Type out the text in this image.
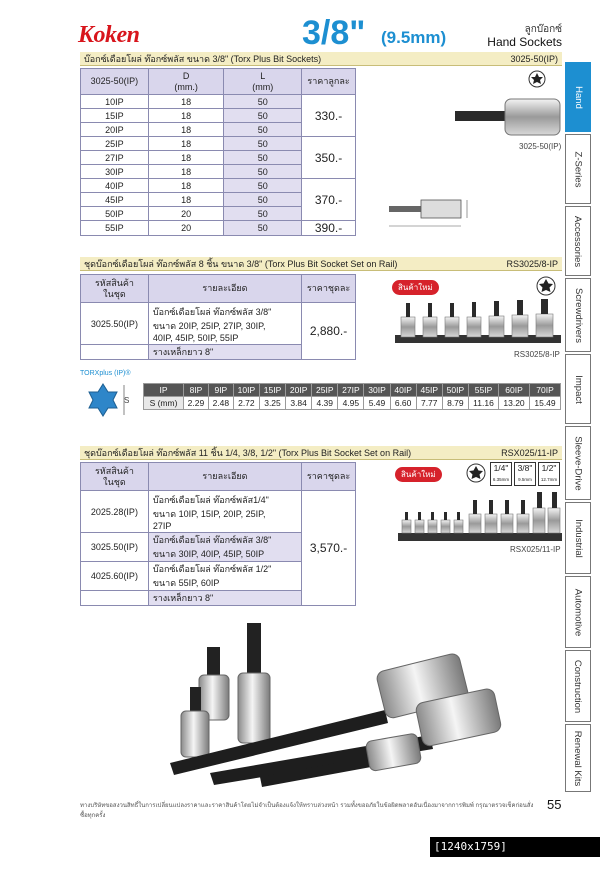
Koken	3/8" (9.5mm)	ลูกบ๊อกซ์
Hand Sockets
บ๊อกซ์เดือยโผล่ ท๊อกซ์พลัส ขนาด 3/8" (Torx Plus Bit Sockets)	3025-50(IP)
3025-50(IP)	D
(mm.)	L
(mm)	ราคาลูกละ
10IP	18	50	330.-
15IP	18	50	
20IP	18	50	
25IP	18	50	350.-
27IP	18	50	
30IP	18	50	
40IP	18	50	370.-
45IP	18	50	
50IP	20	50	
55IP	20	50	390.-
3025-50(IP)
ชุดบ๊อกซ์เดือยโผล่ ท๊อกซ์พลัส 8 ชิ้น ขนาด 3/8" (Torx Plus Bit Socket Set on Rail)	RS3025/8-IP
รหัสสินค้า
ในชุด	รายละเอียด	ราคาชุดละ
3025.50(IP)	บ๊อกซ์เดือยโผล่ ท๊อกซ์พลัส 3/8"
ขนาด 20IP, 25IP, 27IP, 30IP,
40IP, 45IP, 50IP, 55IP	2,880.-
	รางเหล็กยาว 8"	
สินค้าใหม่
RS3025/8-IP
TORXplus (IP)®
S
IP	8IP	9IP	10IP	15IP	20IP	25IP	27IP	30IP	40IP	45IP	50IP	55IP	60IP	70IP
S (mm)	2.29	2.48	2.72	3.25	3.84	4.39	4.95	5.49	6.60	7.77	8.79	11.16	13.20	15.49
ชุดบ๊อกซ์เดือยโผล่ ท๊อกซ์พลัส 11 ชิ้น 1/4, 3/8, 1/2" (Torx Plus Bit Socket Set on Rail)	RSX025/11-IP
รหัสสินค้า
ในชุด	รายละเอียด	ราคาชุดละ
2025.28(IP)	บ๊อกซ์เดือยโผล่ ท๊อกซ์พลัส1/4"
ขนาด 10IP, 15IP, 20IP, 25IP,
27IP	3,570.-
3025.50(IP)	บ๊อกซ์เดือยโผล่ ท๊อกซ์พลัส 3/8"
ขนาด 30IP, 40IP, 45IP, 50IP	

4025.60(IP)	บ๊อกซ์เดือยโผล่ ท๊อกซ์พลัส 1/2"
ขนาด 55IP, 60IP	

	รางเหล็กยาว 8"	
สินค้าใหม่
1/4"
6.35mm
3/8"
9.5mm
1/2"
12.7mm
RSX025/11-IP
Hand
Z-Series
Accessories
Screwdrivers
Impact
Sleeve-Drive
Industrial
Automotive
Construction
Renewal Kits
ทางบริษัทขอสงวนสิทธิ์ในการเปลี่ยนแปลงราคาและราคาสินค้าโดยไม่จำเป็นต้องแจ้งให้ทราบล่วงหน้า รวมทั้งขออภัยในข้อผิดพลาดอันเนื่องมาจากการพิมพ์ กรุณาตรวจเช็คก่อนสั่งซื้อทุกครั้ง
55
[1240x1759] https://upic.me/
